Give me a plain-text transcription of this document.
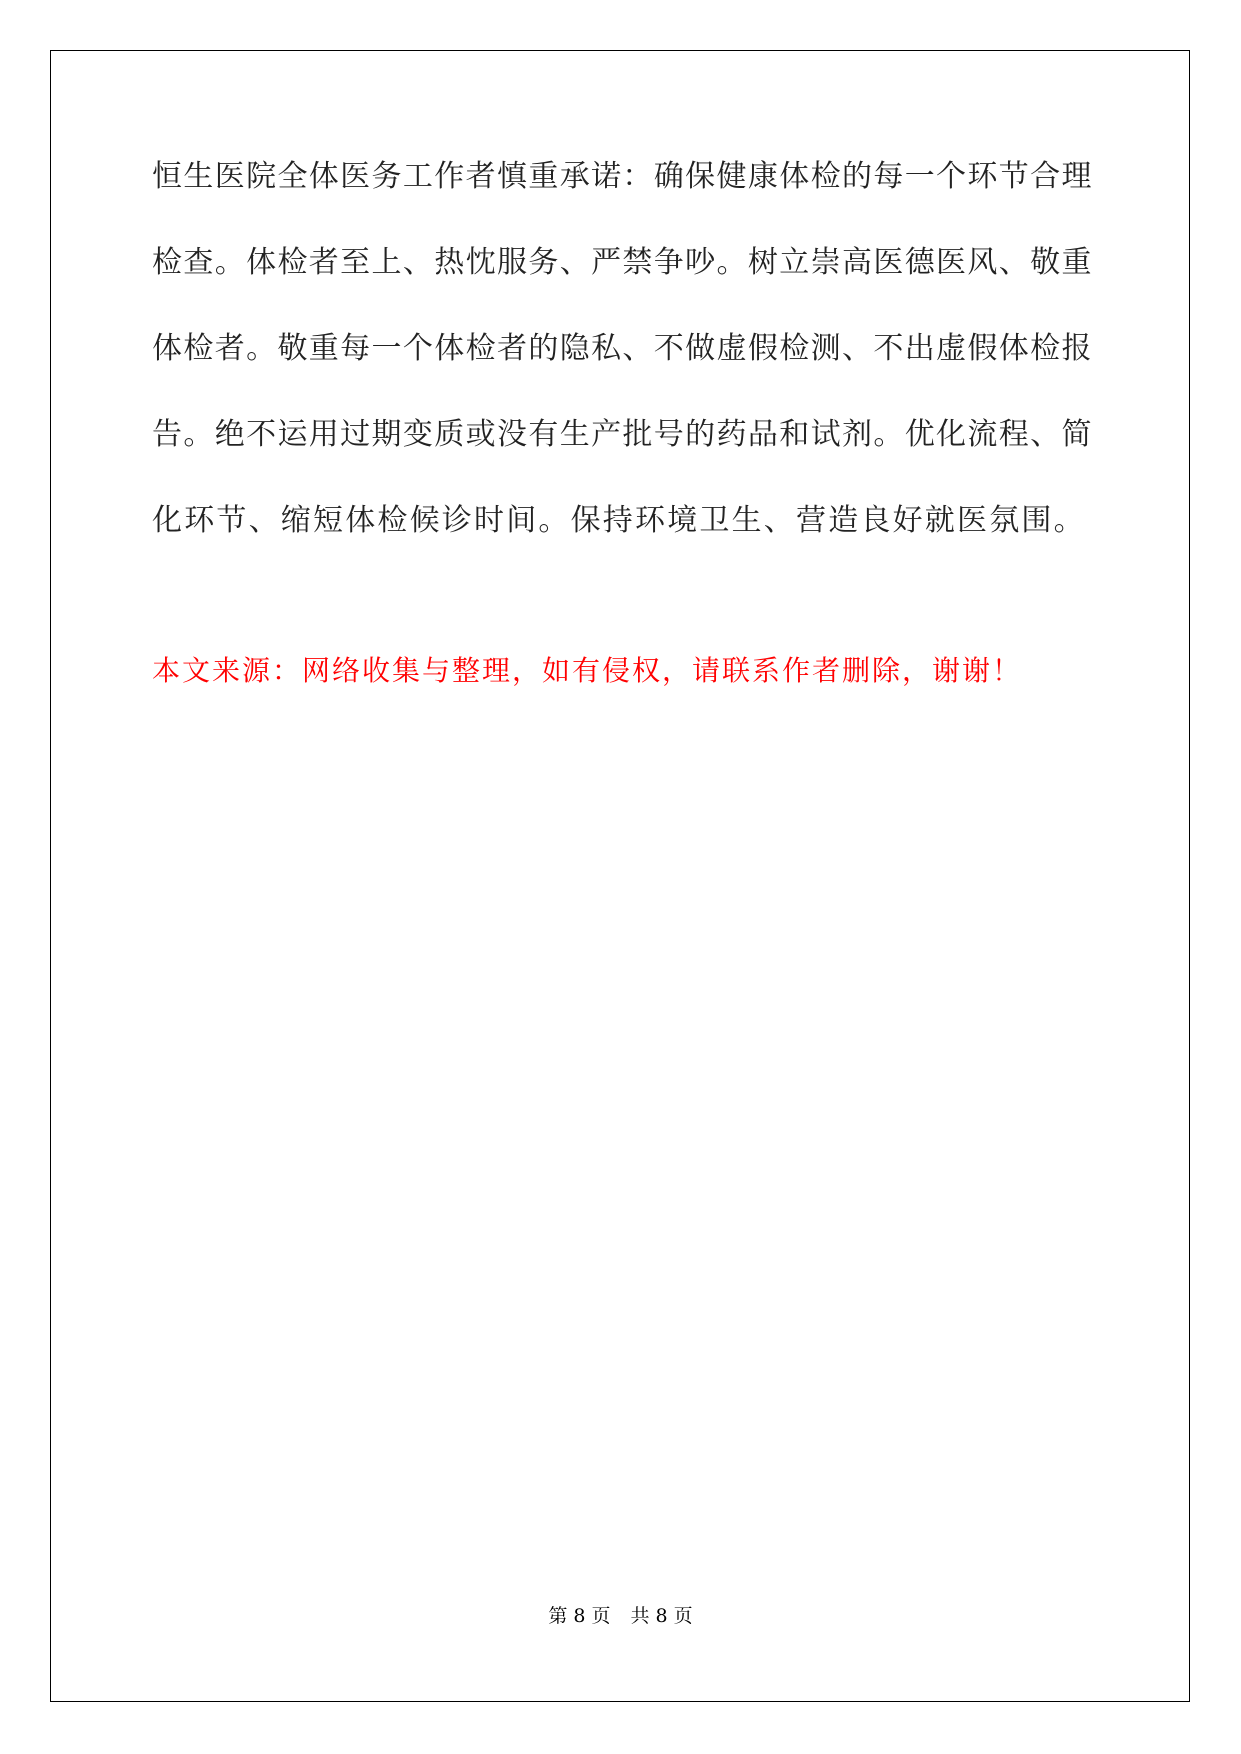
恒生医院全体医务工作者慎重承诺：确保健康体检的每一个环节合理

检查。体检者至上、热忱服务、严禁争吵。树立崇高医德医风、敬重

体检者。敬重每一个体检者的隐私、不做虚假检测、不出虚假体检报

告。绝不运用过期变质或没有生产批号的药品和试剂。优化流程、简

化环节、缩短体检候诊时间。保持环境卫生、营造良好就医氛围。

本文来源：网络收集与整理，如有侵权，请联系作者删除，谢谢！
第 8 页 共 8 页
